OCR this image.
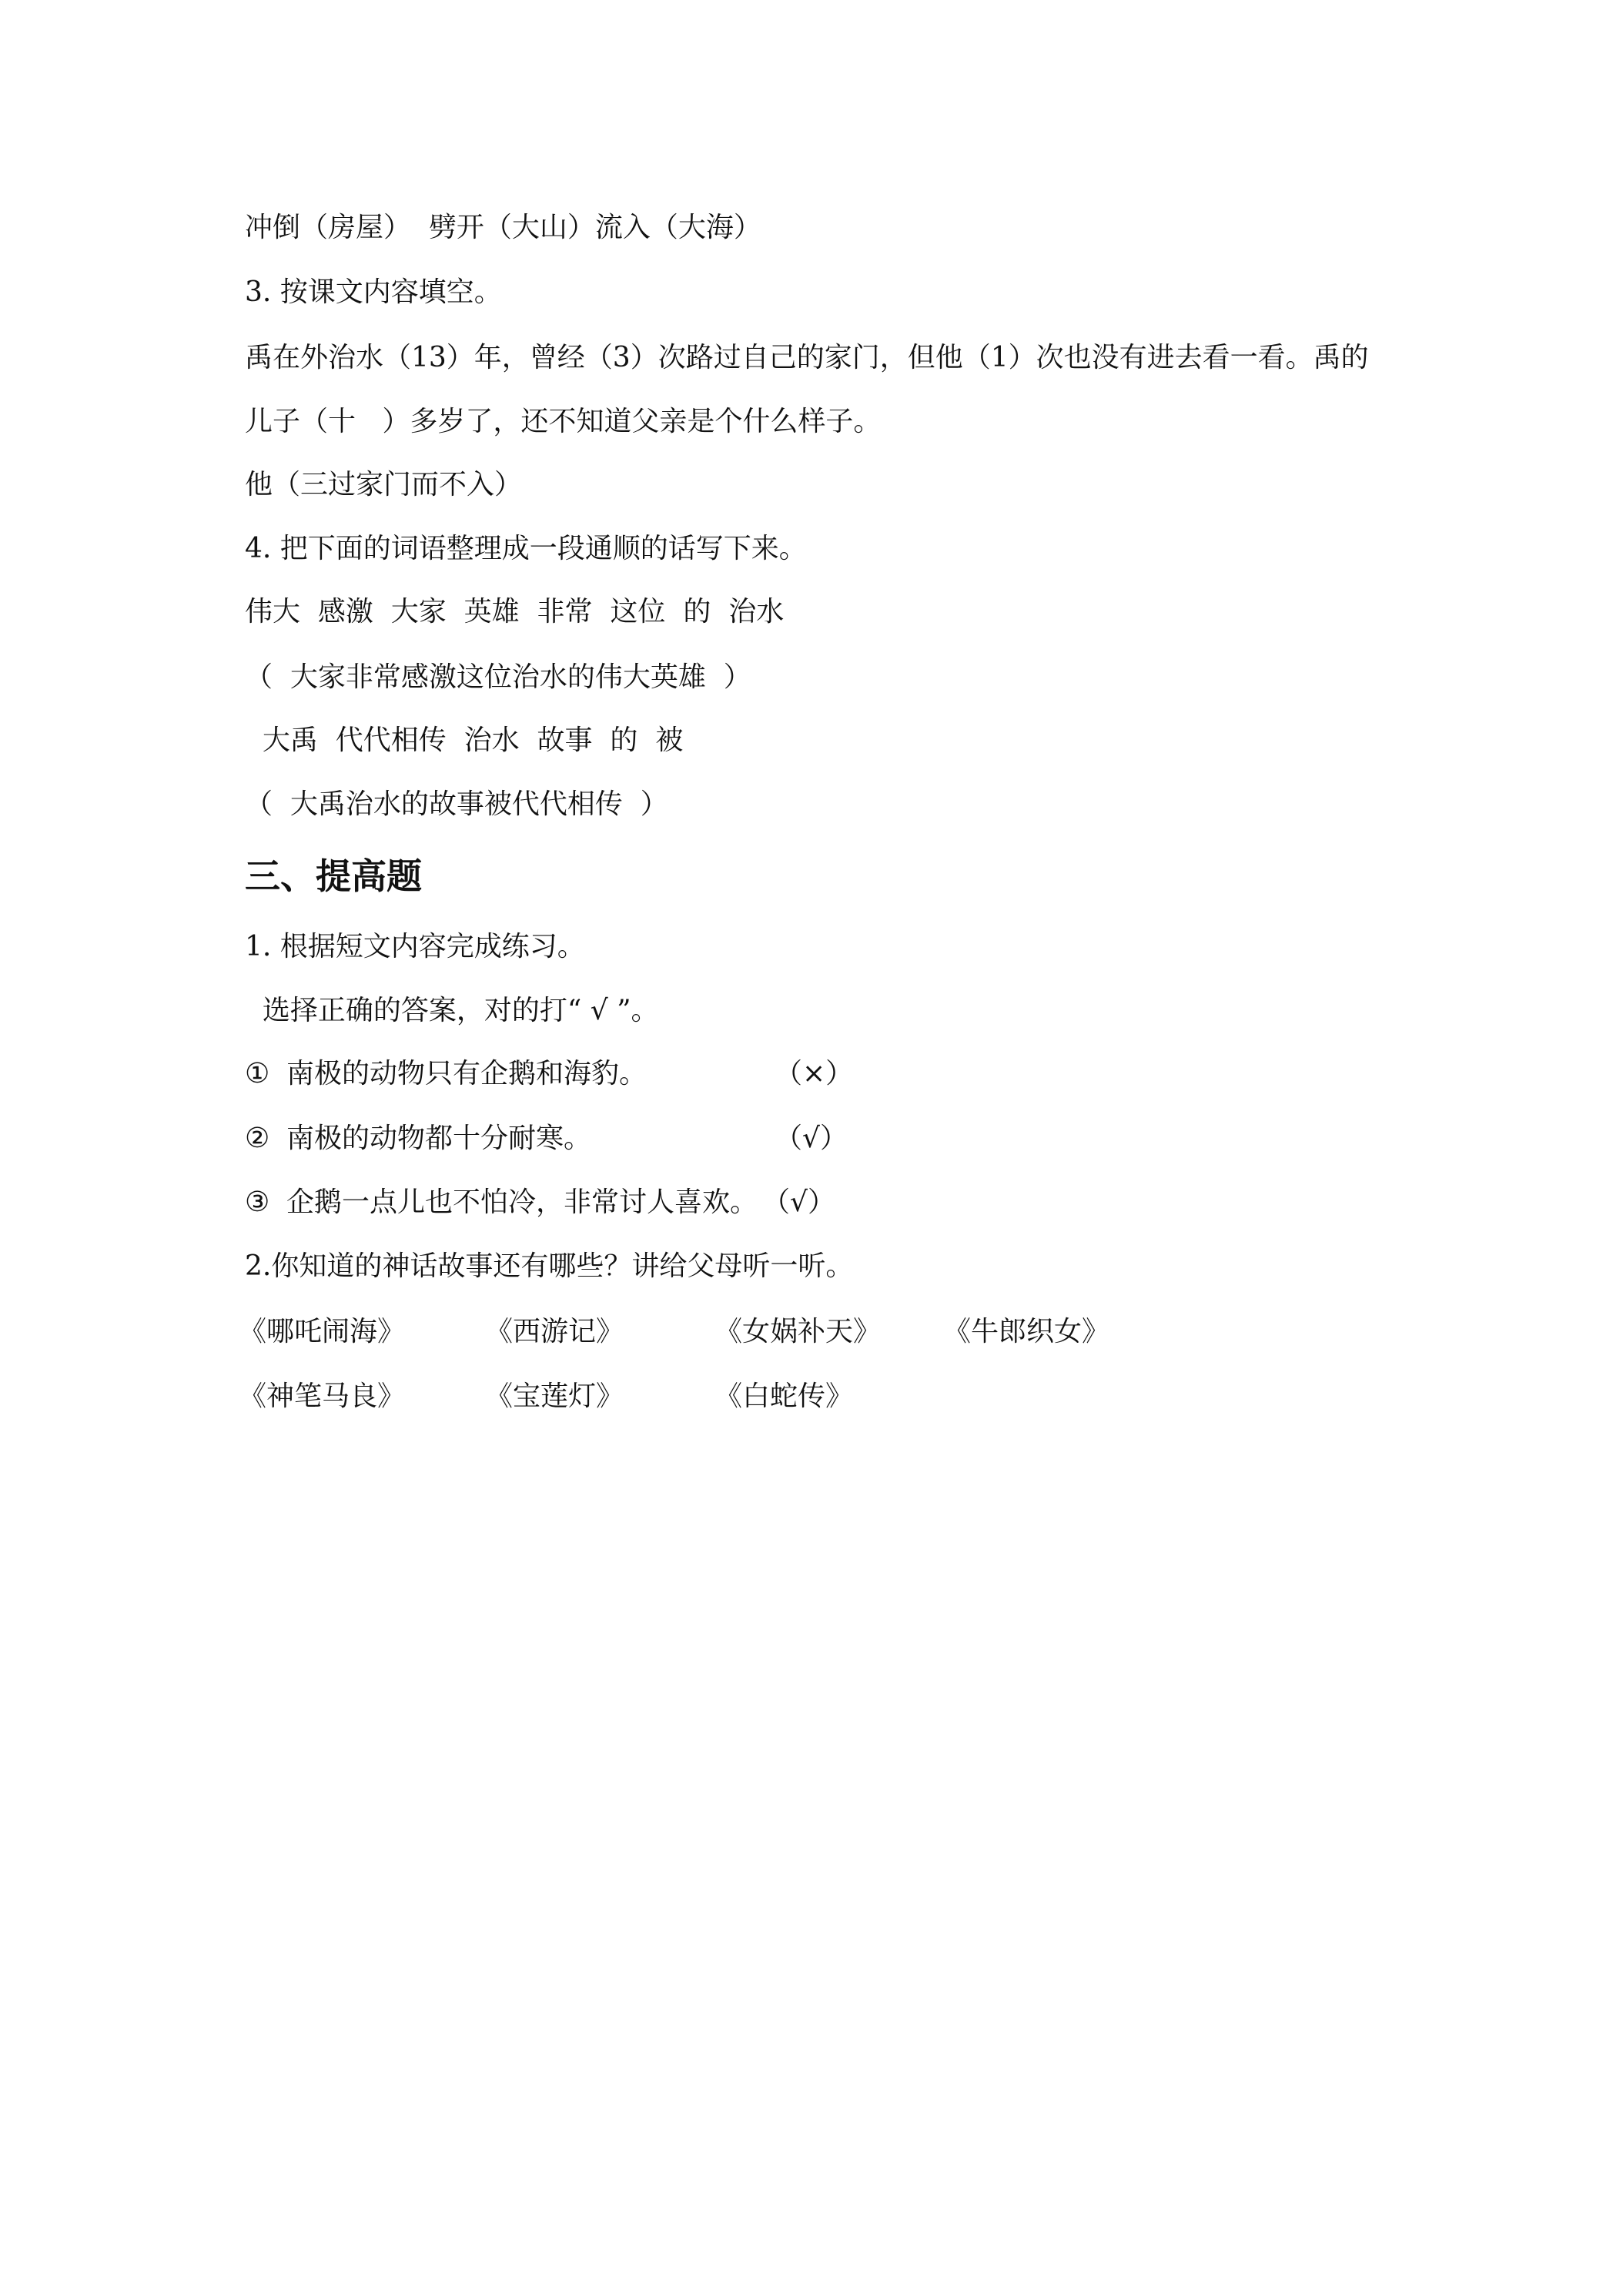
冲倒（房屋）  劈开（大山）流入（大海）
3. 按课文内容填空。
禹在外治水（13）年，曾经（3）次路过自己的家门，但他（1）次也没有进去看一看。禹的
儿子（十   ）多岁了，还不知道父亲是个什么样子。
他（三过家门而不入）
4. 把下面的词语整理成一段通顺的话写下来。
伟大  感激  大家  英雄  非常  这位  的  治水
（  大家非常感激这位治水的伟大英雄  ）
大禹  代代相传  治水  故事  的  被
（  大禹治水的故事被代代相传  ）
三、提高题
1. 根据短文内容完成练习。
选择正确的答案，对的打“ √ ”。
① 南极的动物只有企鹅和海豹。	（×）
② 南极的动物都十分耐寒。	（√）
③ 企鹅一点儿也不怕冷，非常讨人喜欢。 （√）
2.你知道的神话故事还有哪些？讲给父母听一听。
《哪吒闹海》	《西游记》	《女娲补天》 《牛郎织女》
《神笔马良》	《宝莲灯》	《白蛇传》
